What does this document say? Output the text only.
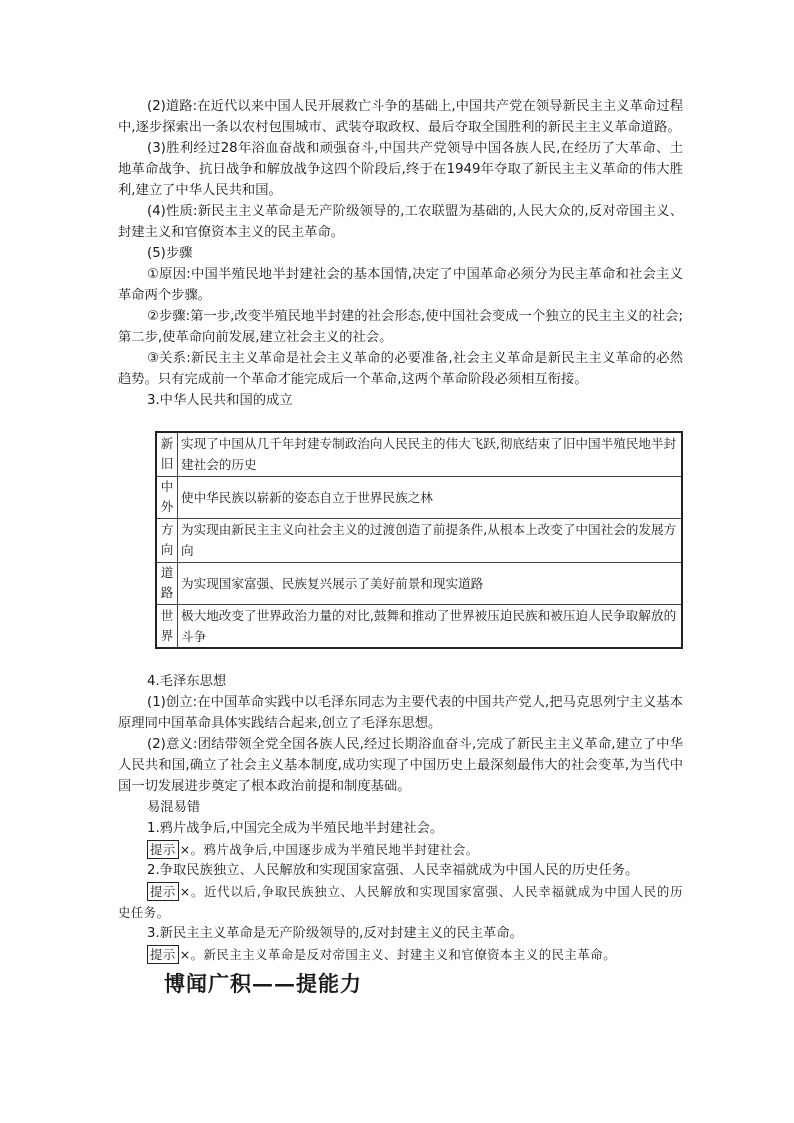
(2)道路:在近代以来中国人民开展救亡斗争的基础上,中国共产党在领导新民主主义革命过程中,逐步探索出一条以农村包围城市、武装夺取政权、最后夺取全国胜利的新民主主义革命道路。

(3)胜利经过28年浴血奋战和顽强奋斗,中国共产党领导中国各族人民,在经历了大革命、土地革命战争、抗日战争和解放战争这四个阶段后,终于在1949年夺取了新民主主义革命的伟大胜利,建立了中华人民共和国。

(4)性质:新民主主义革命是无产阶级领导的,工农联盟为基础的,人民大众的,反对帝国主义、封建主义和官僚资本主义的民主革命。

(5)步骤

①原因:中国半殖民地半封建社会的基本国情,决定了中国革命必须分为民主革命和社会主义革命两个步骤。

②步骤:第一步,改变半殖民地半封建的社会形态,使中国社会变成一个独立的民主主义的社会;第二步,使革命向前发展,建立社会主义的社会。

③关系:新民主主义革命是社会主义革命的必要准备,社会主义革命是新民主主义革命的必然趋势。只有完成前一个革命才能完成后一个革命,这两个革命阶段必须相互衔接。

3.中华人民共和国的成立

新旧	实现了中国从几千年封建专制政治向人民民主的伟大飞跃,彻底结束了旧中国半殖民地半封建社会的历史
中外	使中华民族以崭新的姿态自立于世界民族之林
方向	为实现由新民主主义向社会主义的过渡创造了前提条件,从根本上改变了中国社会的发展方向
道路	为实现国家富强、民族复兴展示了美好前景和现实道路
世界	极大地改变了世界政治力量的对比,鼓舞和推动了世界被压迫民族和被压迫人民争取解放的斗争

4.毛泽东思想

(1)创立:在中国革命实践中以毛泽东同志为主要代表的中国共产党人,把马克思列宁主义基本原理同中国革命具体实践结合起来,创立了毛泽东思想。

(2)意义:团结带领全党全国各族人民,经过长期浴血奋斗,完成了新民主主义革命,建立了中华人民共和国,确立了社会主义基本制度,成功实现了中国历史上最深刻最伟大的社会变革,为当代中国一切发展进步奠定了根本政治前提和制度基础。

易混易错

1.鸦片战争后,中国完全成为半殖民地半封建社会。

提示 ×。鸦片战争后,中国逐步成为半殖民地半封建社会。

2.争取民族独立、人民解放和实现国家富强、人民幸福就成为中国人民的历史任务。

提示 ×。近代以后,争取民族独立、人民解放和实现国家富强、人民幸福就成为中国人民的历史任务。

3.新民主主义革命是无产阶级领导的,反对封建主义的民主革命。

提示 ×。新民主主义革命是反对帝国主义、封建主义和官僚资本主义的民主革命。

博闻广积——提能力
